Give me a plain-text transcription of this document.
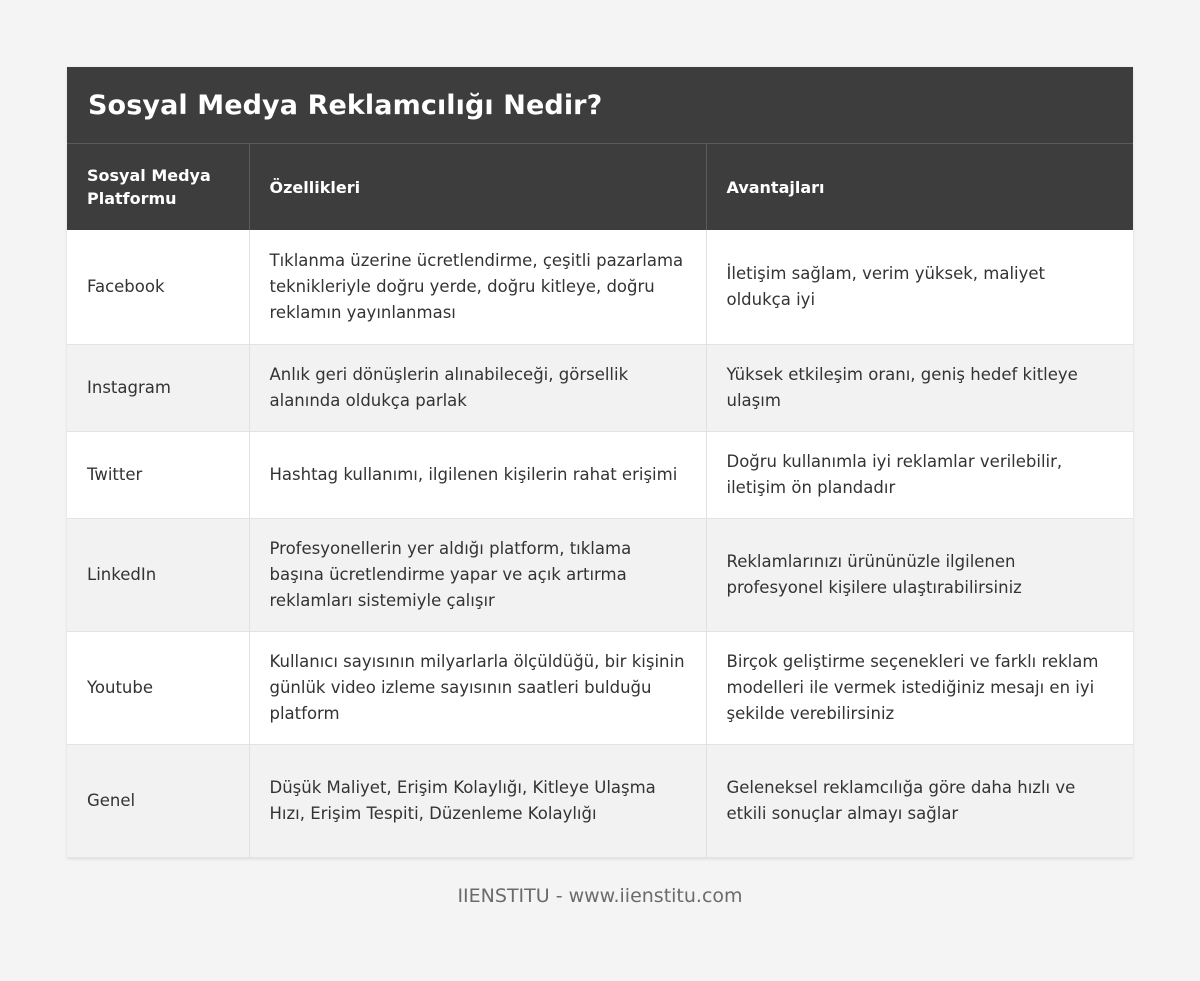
Sosyal Medya Reklamcılığı Nedir?
Sosyal Medya Platformu	Özellikleri	Avantajları
Facebook	Tıklanma üzerine ücretlendirme, çeşitli pazarlama teknikleriyle doğru yerde, doğru kitleye, doğru reklamın yayınlanması	İletişim sağlam, verim yüksek, maliyet oldukça iyi
Instagram	Anlık geri dönüşlerin alınabileceği, görsellik alanında oldukça parlak	Yüksek etkileşim oranı, geniş hedef kitleye ulaşım
Twitter	Hashtag kullanımı, ilgilenen kişilerin rahat erişimi	Doğru kullanımla iyi reklamlar verilebilir, iletişim ön plandadır
LinkedIn	Profesyonellerin yer aldığı platform, tıklama başına ücretlendirme yapar ve açık artırma reklamları sistemiyle çalışır	Reklamlarınızı ürününüzle ilgilenen profesyonel kişilere ulaştırabilirsiniz
Youtube	Kullanıcı sayısının milyarlarla ölçüldüğü, bir kişinin günlük video izleme sayısının saatleri bulduğu platform	Birçok geliştirme seçenekleri ve farklı reklam modelleri ile vermek istediğiniz mesajı en iyi şekilde verebilirsiniz
Genel	Düşük Maliyet, Erişim Kolaylığı, Kitleye Ulaşma Hızı, Erişim Tespiti, Düzenleme Kolaylığı	Geleneksel reklamcılığa göre daha hızlı ve etkili sonuçlar almayı sağlar
IIENSTITU - www.iienstitu.com
